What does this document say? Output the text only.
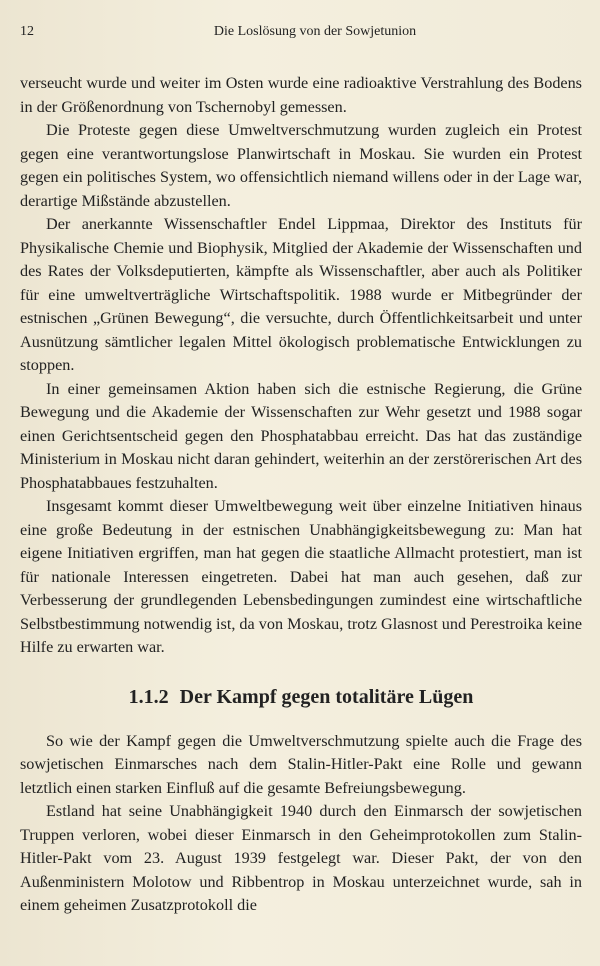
12	Die Loslösung von der Sowjetunion

verseucht wurde und weiter im Osten wurde eine radioaktive Verstrahlung des Bodens in der Größenordnung von Tschernobyl gemessen.

Die Proteste gegen diese Umweltverschmutzung wurden zugleich ein Protest gegen eine verantwortungslose Planwirtschaft in Moskau. Sie wurden ein Protest gegen ein politisches System, wo offensichtlich niemand willens oder in der Lage war, derartige Mißstände abzustellen.

Der anerkannte Wissenschaftler Endel Lippmaa, Direktor des Instituts für Physikalische Chemie und Biophysik, Mitglied der Akademie der Wissenschaften und des Rates der Volksdeputierten, kämpfte als Wissenschaftler, aber auch als Politiker für eine umweltverträgliche Wirtschaftspolitik. 1988 wurde er Mitbegründer der estnischen „Grünen Bewegung“, die versuchte, durch Öffentlichkeitsarbeit und unter Ausnützung sämtlicher legalen Mittel ökologisch problematische Entwicklungen zu stoppen.

In einer gemeinsamen Aktion haben sich die estnische Regierung, die Grüne Bewegung und die Akademie der Wissenschaften zur Wehr gesetzt und 1988 sogar einen Gerichtsentscheid gegen den Phosphatabbau erreicht. Das hat das zuständige Ministerium in Moskau nicht daran gehindert, weiterhin an der zerstörerischen Art des Phosphatabbaues festzuhalten.

Insgesamt kommt dieser Umweltbewegung weit über einzelne Initiativen hinaus eine große Bedeutung in der estnischen Unabhängigkeitsbewegung zu: Man hat eigene Initiativen ergriffen, man hat gegen die staatliche Allmacht protestiert, man ist für nationale Interessen eingetreten. Dabei hat man auch gesehen, daß zur Verbesserung der grundlegenden Lebensbedingungen zumindest eine wirtschaftliche Selbstbestimmung notwendig ist, da von Moskau, trotz Glasnost und Perestroika keine Hilfe zu erwarten war.

1.1.2 Der Kampf gegen totalitäre Lügen

So wie der Kampf gegen die Umweltverschmutzung spielte auch die Frage des sowjetischen Einmarsches nach dem Stalin-Hitler-Pakt eine Rolle und gewann letztlich einen starken Einfluß auf die gesamte Befreiungsbewegung.

Estland hat seine Unabhängigkeit 1940 durch den Einmarsch der sowjetischen Truppen verloren, wobei dieser Einmarsch in den Geheimprotokollen zum Stalin-Hitler-Pakt vom 23. August 1939 festgelegt war. Dieser Pakt, der von den Außenministern Molotow und Ribbentrop in Moskau unterzeichnet wurde, sah in einem geheimen Zusatzprotokoll die
